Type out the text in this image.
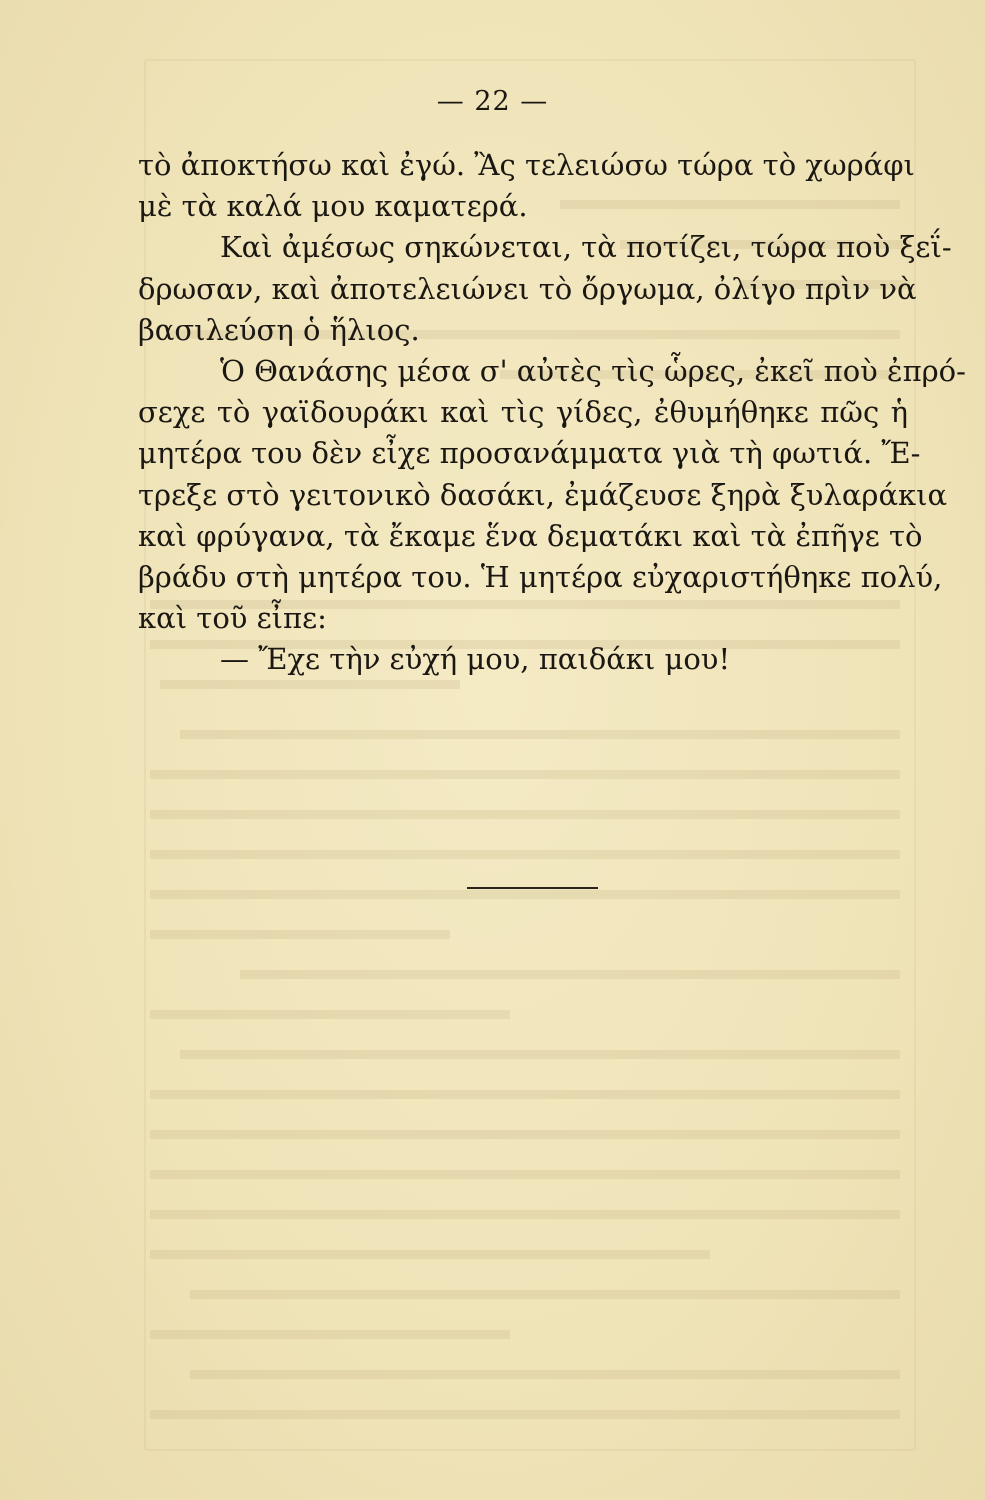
— 22 —
τὸ ἀποκτήσω καὶ ἐγώ. Ἂς τελειώσω τώρα τὸ χωράφι
μὲ τὰ καλά μου καματερά.
Καὶ ἀμέσως σηκώνεται, τὰ ποτίζει, τώρα ποὺ ξεΐ-
δρωσαν, καὶ ἀποτελειώνει τὸ ὄργωμα, ὀλίγο πρὶν νὰ
βασιλεύση ὁ ἥλιος.
Ὁ Θανάσης μέσα σ' αὐτὲς τὶς ὧρες, ἐκεῖ ποὺ ἐπρό-
σεχε τὸ γαϊδουράκι καὶ τὶς γίδες, ἐθυμήθηκε πῶς ἡ
μητέρα του δὲν εἶχε προσανάμματα γιὰ τὴ φωτιά. Ἔ-
τρεξε στὸ γειτονικὸ δασάκι, ἐμάζευσε ξηρὰ ξυλαράκια
καὶ φρύγανα, τὰ ἔκαμε ἕνα δεματάκι καὶ τὰ ἐπῆγε τὸ
βράδυ στὴ μητέρα του. Ἡ μητέρα εὐχαριστήθηκε πολύ,
καὶ τοῦ εἶπε:
— Ἔχε τὴν εὐχή μου, παιδάκι μου!
